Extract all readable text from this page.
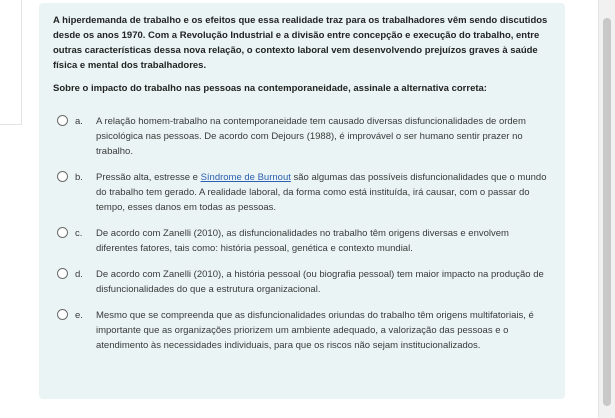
A hiperdemanda de trabalho e os efeitos que essa realidade traz para os trabalhadores vêm sendo discutidos desde os anos 1970. Com a Revolução Industrial e a divisão entre concepção e execução do trabalho, entre outras características dessa nova relação, o contexto laboral vem desenvolvendo prejuízos graves à saúde física e mental dos trabalhadores.

Sobre o impacto do trabalho nas pessoas na contemporaneidade, assinale a alternativa correta:

a. A relação homem-trabalho na contemporaneidade tem causado diversas disfuncionalidades de ordem psicológica nas pessoas. De acordo com Dejours (1988), é improvável o ser humano sentir prazer no trabalho.
b. Pressão alta, estresse e Síndrome de Burnout são algumas das possíveis disfuncionalidades que o mundo do trabalho tem gerado. A realidade laboral, da forma como está instituída, irá causar, com o passar do tempo, esses danos em todas as pessoas.
c. De acordo com Zanelli (2010), as disfuncionalidades no trabalho têm origens diversas e envolvem diferentes fatores, tais como: história pessoal, genética e contexto mundial.
d. De acordo com Zanelli (2010), a história pessoal (ou biografia pessoal) tem maior impacto na produção de disfuncionalidades do que a estrutura organizacional.
e. Mesmo que se compreenda que as disfuncionalidades oriundas do trabalho têm origens multifatoriais, é importante que as organizações priorizem um ambiente adequado, a valorização das pessoas e o atendimento às necessidades individuais, para que os riscos não sejam institucionalizados.
